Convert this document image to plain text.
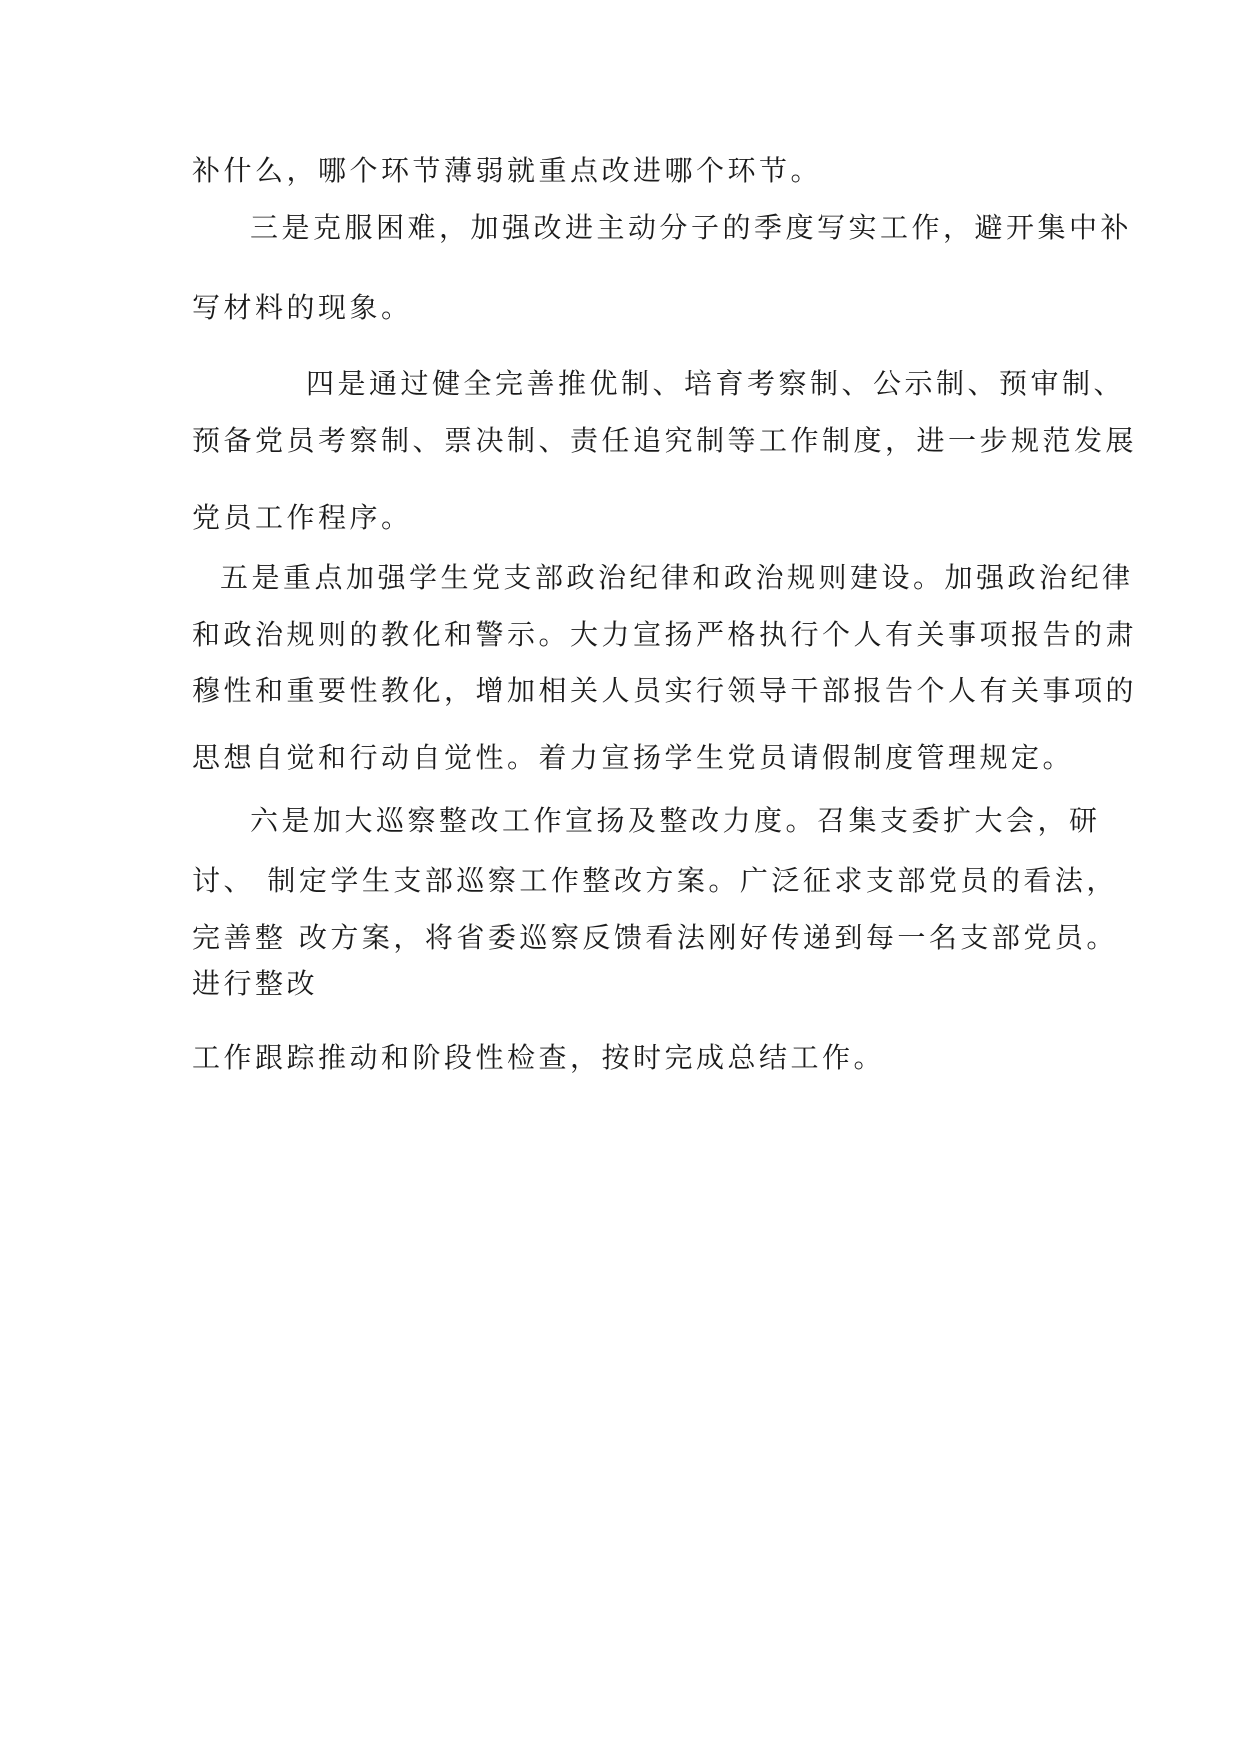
补什么，哪个环节薄弱就重点改进哪个环节。

三是克服困难，加强改进主动分子的季度写实工作，避开集中补

写材料的现象。

四是通过健全完善推优制、培育考察制、公示制、预审制、

预备党员考察制、票决制、责任追究制等工作制度，进一步规范发展

党员工作程序。

五是重点加强学生党支部政治纪律和政治规则建设。加强政治纪律

和政治规则的教化和警示。大力宣扬严格执行个人有关事项报告的肃

穆性和重要性教化，增加相关人员实行领导干部报告个人有关事项的

思想自觉和行动自觉性。着力宣扬学生党员请假制度管理规定。

六是加大巡察整改工作宣扬及整改力度。召集支委扩大会，研

讨、 制定学生支部巡察工作整改方案。广泛征求支部党员的看法，

完善整 改方案，将省委巡察反馈看法刚好传递到每一名支部党员。

进行整改

工作跟踪推动和阶段性检查，按时完成总结工作。
